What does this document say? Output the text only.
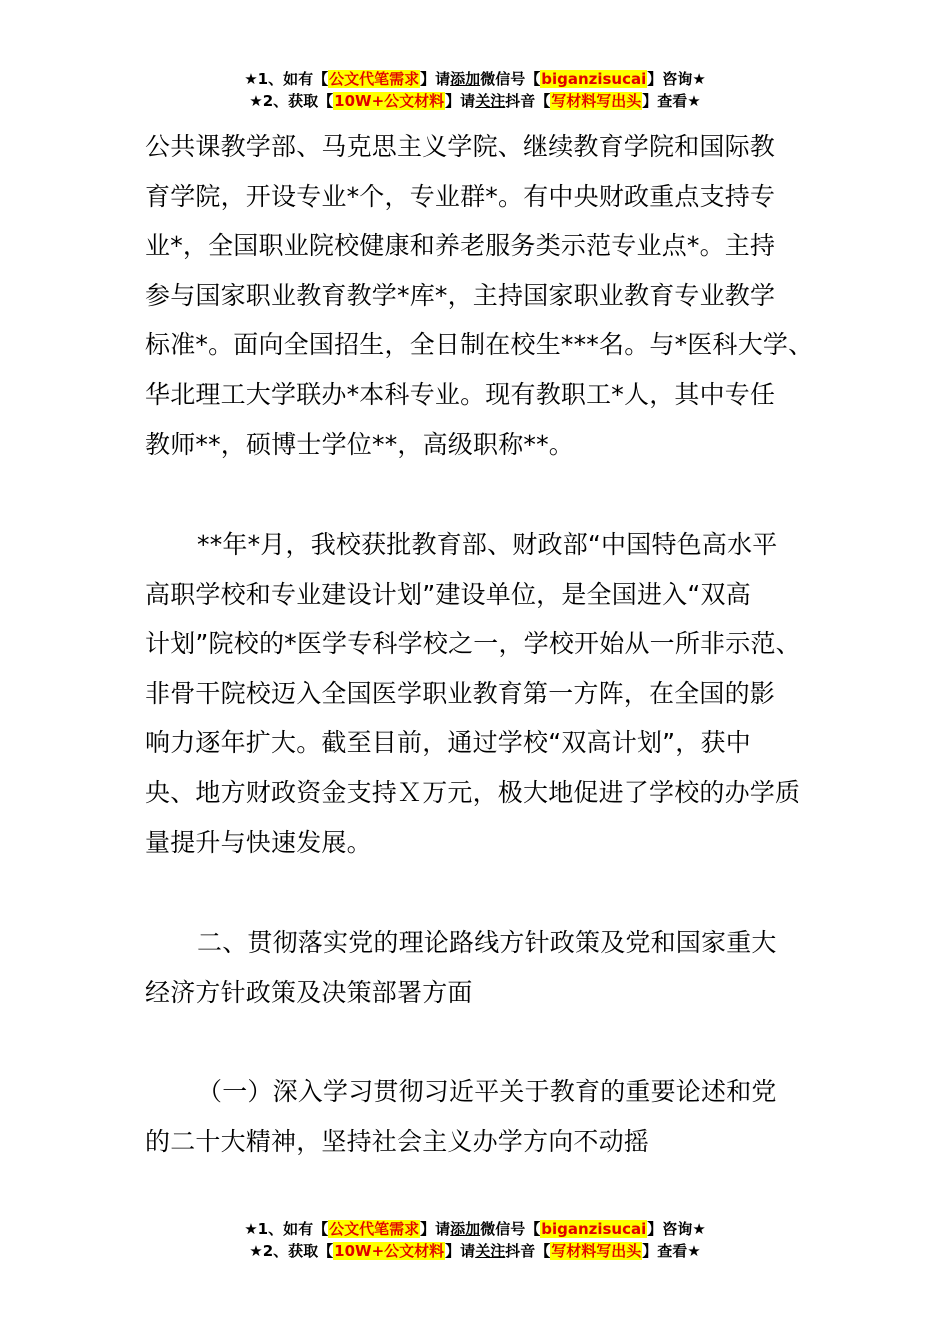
★1、如有【公文代笔需求】请添加微信号【biganzisucai】咨询★
★2、获取【10W+公文材料】请关注抖音【写材料写出头】查看★

公共课教学部、马克思主义学院、继续教育学院和国际教

育学院，开设专业*个，专业群*。有中央财政重点支持专

业*，全国职业院校健康和养老服务类示范专业点*。主持

参与国家职业教育教学*库*，主持国家职业教育专业教学

标准*。面向全国招生，全日制在校生***名。与*医科大学、

华北理工大学联办*本科专业。现有教职工*人，其中专任

教师**，硕博士学位**，高级职称**。

**年*月，我校获批教育部、财政部“中国特色高水平

高职学校和专业建设计划”建设单位，是全国进入“双高

计划”院校的*医学专科学校之一，学校开始从一所非示范、

非骨干院校迈入全国医学职业教育第一方阵，在全国的影

响力逐年扩大。截至目前，通过学校“双高计划”，获中

央、地方财政资金支持Ｘ万元，极大地促进了学校的办学质

量提升与快速发展。

二、贯彻落实党的理论路线方针政策及党和国家重大

经济方针政策及决策部署方面

（一）深入学习贯彻习近平关于教育的重要论述和党

的二十大精神，坚持社会主义办学方向不动摇

★1、如有【公文代笔需求】请添加微信号【biganzisucai】咨询★
★2、获取【10W+公文材料】请关注抖音【写材料写出头】查看★
